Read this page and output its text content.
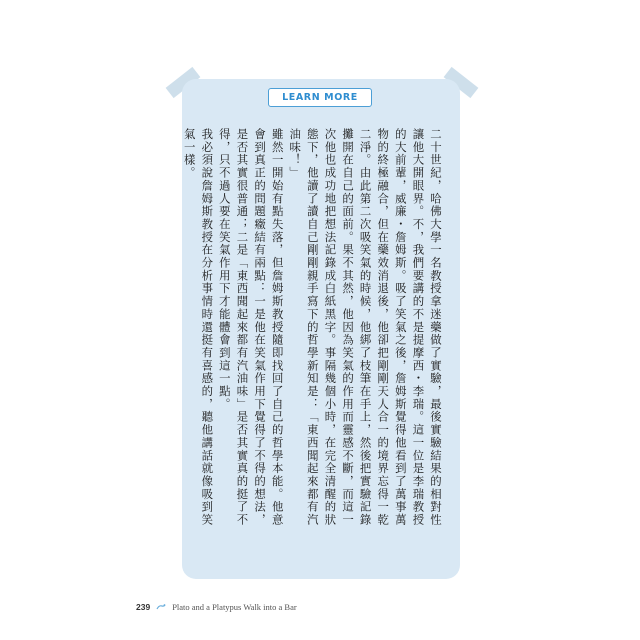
LEARN MORE

二十世紀，哈佛大學一名教授拿迷藥做了實驗，最後實驗結果的相對性讓他大開眼界。不，我們要講的不是提摩西・李瑞。這一位是李瑞教授的大前輩，威廉・詹姆斯。吸了笑氣之後，詹姆斯覺得他看到了萬事萬物的終極融合，但在藥效消退後，他卻把剛剛天人合一的境界忘得一乾二淨。由此第二次吸笑氣的時候，他綁了枝筆在手上，然後把實驗記錄攤開在自己的面前。果不其然，他因為笑氣的作用而靈感不斷，而這一次他也成功地把想法記錄成白紙黑字。事隔幾個小時，在完全清醒的狀態下，他讀了讀自己剛剛親手寫下的哲學新知是：「東西聞起來都有汽油味！」

雖然一開始有點失落，但詹姆斯教授隨即找回了自己的哲學本能。他意會到真正的問題癥結有兩點：一是他在笑氣作用下覺得了不得的想法，是否其實很普通；二是「東西聞起來都有汽油味」是否其實真的挺了不得，只不過人要在笑氣作用下才能體會到這一點。

我必須說詹姆斯教授在分析事情時還挺有喜感的，聽他講話就像吸到笑氣一樣。

239	Plato and a Platypus Walk into a Bar
